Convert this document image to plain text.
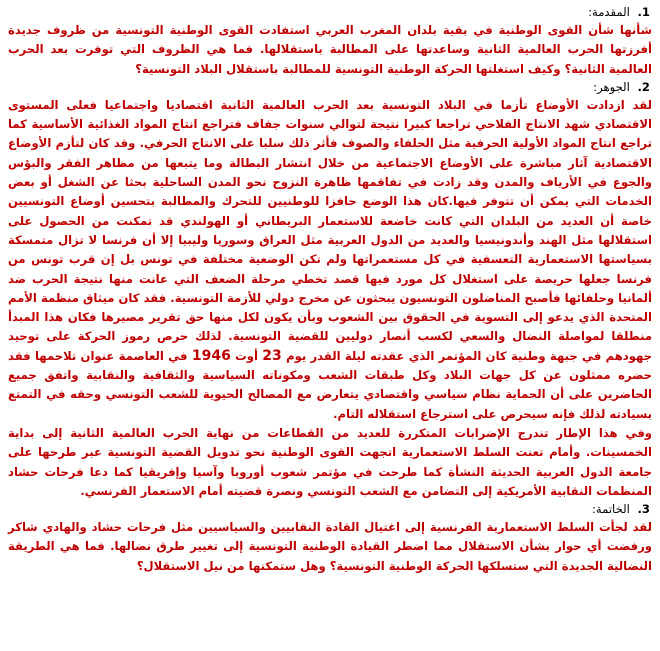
1. المقدمة:

شأنها شأن القوى الوطنية في بقية بلدان المغرب العربي استفادت القوى الوطنية التونسية من ظروف جديدة أفرزتها الحرب العالمية الثانية وساعدتها على المطالبة باستقلالها. فما هي الظروف التي توفرت بعد الحرب العالمية الثانية؟ وكيف استغلتها الحركة الوطنية التونسية للمطالبة باستقلال البلاد التونسية؟

2. الجوهر:

لقد ازدادت الأوضاع تأزما في البلاد التونسية بعد الحرب العالمية الثانية اقتصاديا واجتماعيا فعلى المستوى الاقتصادي شهد الانتاج الفلاحي تراجعا كبيرا نتيجة لتوالي سنوات جفاف فتراجع انتاج المواد الغذائية الأساسية كما تراجع انتاج المواد الأولية الحرفية مثل الحلفاء والصوف فأثر ذلك سلبا على الانتاج الحرفي. وقد كان لتأزم الأوضاع الاقتصادية آثار مباشرة على الأوضاع الاجتماعية من خلال انتشار البطالة وما يتبعها من مظاهر الفقر والبؤس والجوع في الأرياف والمدن وقد زادت في تفاقمها ظاهرة النزوح نحو المدن الساحلية بحثا عن الشغل أو بعض الخدمات التي يمكن أن تتوفر فيها.كان هذا الوضع حافزا للوطنيين للتحرك والمطالبة بتحسين أوضاع التونسيين خاصة أن العديد من البلدان التي كانت خاضعة للاستعمار البريطاني أو الهولندي قد تمكنت من الحصول على استقلالها مثل الهند وأندونيسيا والعديد من الدول العربية مثل العراق وسوريا وليبيا إلا أن فرنسا لا تزال متمسكة بسياستها الاستعمارية التعسفية في كل مستعمراتها ولم تكن الوضعية مختلفة في تونس بل إن قرب تونس من فرنسا جعلها حريصة على استغلال كل مورد فيها قصد تخطي مرحلة الضعف التي عانت منها نتيجة الحرب ضد ألمانيا وحلفائها فأصبح المناضلون التونسيون يبحثون عن مخرج دولي للأزمة التونسية. فقد كان ميثاق منظمة الأمم المتحدة الذي يدعو إلى التسوية في الحقوق بين الشعوب وبأن يكون لكل منها حق تقرير مصيرها فكان هذا المبدأ منطلقا لمواصلة النضال والسعي لكسب أنصار دوليين للقضية التونسية. لذلك حرص رموز الحركة على توحيد جهودهم في جبهة وطنية كان المؤتمر الذي عقدته ليلة القدر يوم 23 أوت 1946 في العاصمة عنوان تلاحمها فقد حضره ممثلون عن كل جهات البلاد وكل طبقات الشعب ومكوناته السياسية والثقافية والنقابية واتفق جميع الحاضرين على أن الحماية نظام سياسي واقتصادي يتعارض مع المصالح الحيوية للشعب التونسي وحقه في التمتع بسيادته لذلك فإنه سيحرص على استرجاع استقلاله التام.

وفي هذا الإطار تندرج الإضرابات المتكررة للعديد من القطاعات من نهاية الحرب العالمية الثانية إلى بداية الخمسينات. وأمام تعنت السلط الاستعمارية اتجهت القوى الوطنية نحو تدويل القضية التونسية عبر طرحها على جامعة الدول العربية الحديثة النشأة كما طرحت في مؤتمر شعوب أوروبا وآسيا وإفريقيا كما دعا فرحات حشاد المنظمات النقابية الأمريكية إلى التضامن مع الشعب التونسي ونصرة قضيته أمام الاستعمار الفرنسي.

3. الخاتمة:

لقد لجأت السلط الاستعمارية الفرنسية إلى اغتيال القادة النقابيين والسياسيين مثل فرحات حشاد والهادي شاكر ورفضت أي حوار بشأن الاستقلال مما اضطر القيادة الوطنية التونسية إلى تغيير طرق نضالها. فما هي الطريقة النضالية الجديدة التي ستسلكها الحركة الوطنية التونسية؟ وهل ستمكنها من نيل الاستقلال؟
